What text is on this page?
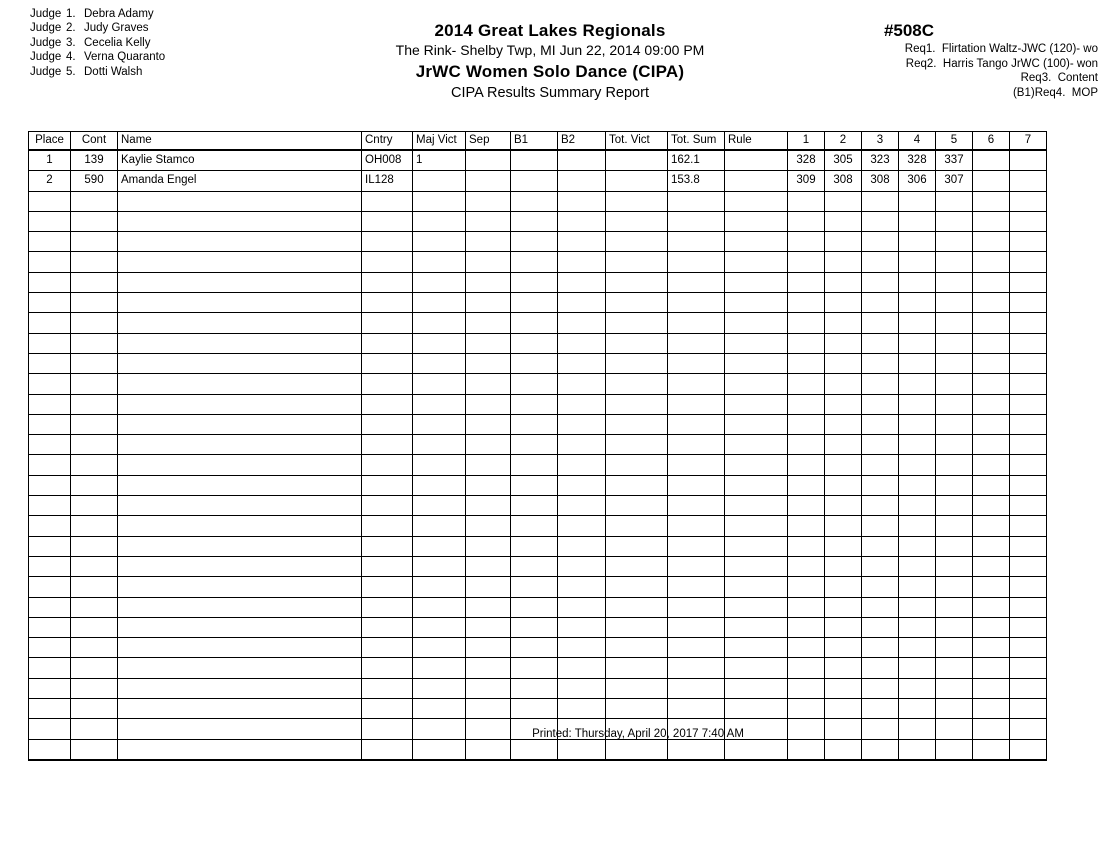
Judge 1. Debra Adamy
Judge 2. Judy Graves
Judge 3. Cecelia Kelly
Judge 4. Verna Quaranto
Judge 5. Dotti Walsh
2014 Great Lakes Regionals
The Rink- Shelby Twp, MI Jun 22, 2014 09:00 PM
JrWC Women Solo Dance (CIPA)
CIPA Results Summary Report
#508C
Req1. Flirtation Waltz-JWC (120)- wo
Req2. Harris Tango JrWC (100)- won
Req3. Content
(B1)Req4. MOP
Place	Cont	Name	Cntry	Maj Vict	Sep	B1	B2	Tot. Vict	Tot. Sum	Rule	1	2	3	4	5	6	7
1	139	Kaylie Stamco	OH008	1					162.1		328	305	323	328	337		
2	590	Amanda Engel	IL128						153.8		309	308	308	306	307		

Printed: Thursday, April 20, 2017 7:40 AM
